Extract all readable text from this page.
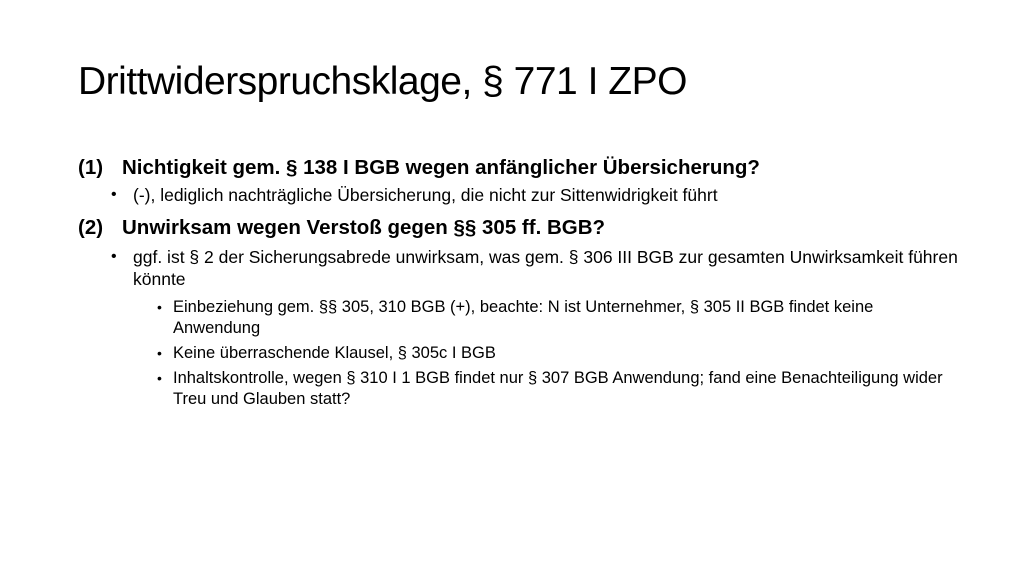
Drittwiderspruchsklage, § 771 I ZPO
(1) Nichtigkeit gem. § 138 I BGB wegen anfänglicher Übersicherung?
• (-), lediglich nachträgliche Übersicherung, die nicht zur Sittenwidrigkeit führt
(2) Unwirksam wegen Verstoß gegen §§ 305 ff. BGB?
• ggf. ist § 2 der Sicherungsabrede unwirksam, was gem. § 306 III BGB zur gesamten Unwirksamkeit führen könnte
• Einbeziehung gem. §§ 305, 310 BGB (+), beachte: N ist Unternehmer, § 305 II BGB findet keine Anwendung
• Keine überraschende Klausel, § 305c I BGB
• Inhaltskontrolle, wegen § 310 I 1 BGB findet nur § 307 BGB Anwendung; fand eine Benachteiligung wider Treu und Glauben statt?
